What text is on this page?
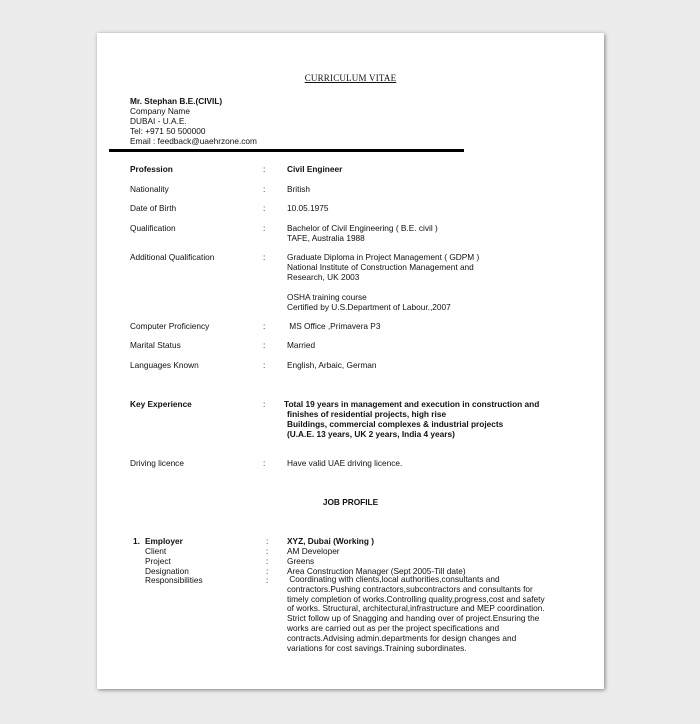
CURRICULUM VITAE
Mr. Stephan B.E.(CIVIL)
Company Name
DUBAI - U.A.E.
Tel: +971 50 500000
Email : feedback@uaehrzone.com
Profession	:	Civil Engineer
Nationality	:	British
Date of Birth	:	10.05.1975
Qualification	:	Bachelor of Civil Engineering ( B.E. civil )
TAFE, Australia 1988
Additional Qualification	:	Graduate Diploma in Project Management ( GDPM )
National Institute of Construction Management and
Research, UK 2003
OSHA training course
Certified by U.S.Department of Labour.,2007
Computer Proficiency	:	MS Office ,Primavera P3
Marital Status	:	Married
Languages Known	:	English, Arbaic, German
Key Experience	: Total 19 years in management and execution in construction and
finishes of residential projects, high rise
Buildings, commercial complexes & industrial projects
(U.A.E. 13 years, UK 2 years, India 4 years)
Driving licence	:	Have valid UAE driving licence.
JOB PROFILE
1. Employer	: XYZ, Dubai (Working )
Client	: AM Developer
Project	: Greens
Designation	: Area Construction Manager (Sept 2005-Till date)
Responsibilities	: Coordinating with clients,local authorities,consultants and
contractors.Pushing contractors,subcontractors and consultants for
timely completion of works.Controlling quality,progress,cost and safety
of works. Structural, architectural,infrastructure and MEP coordination.
Strict follow up of Snagging and handing over of project.Ensuring the
works are carried out as per the project specifications and
contracts.Advising admin.departments for design changes and
variations for cost savings.Training subordinates.
